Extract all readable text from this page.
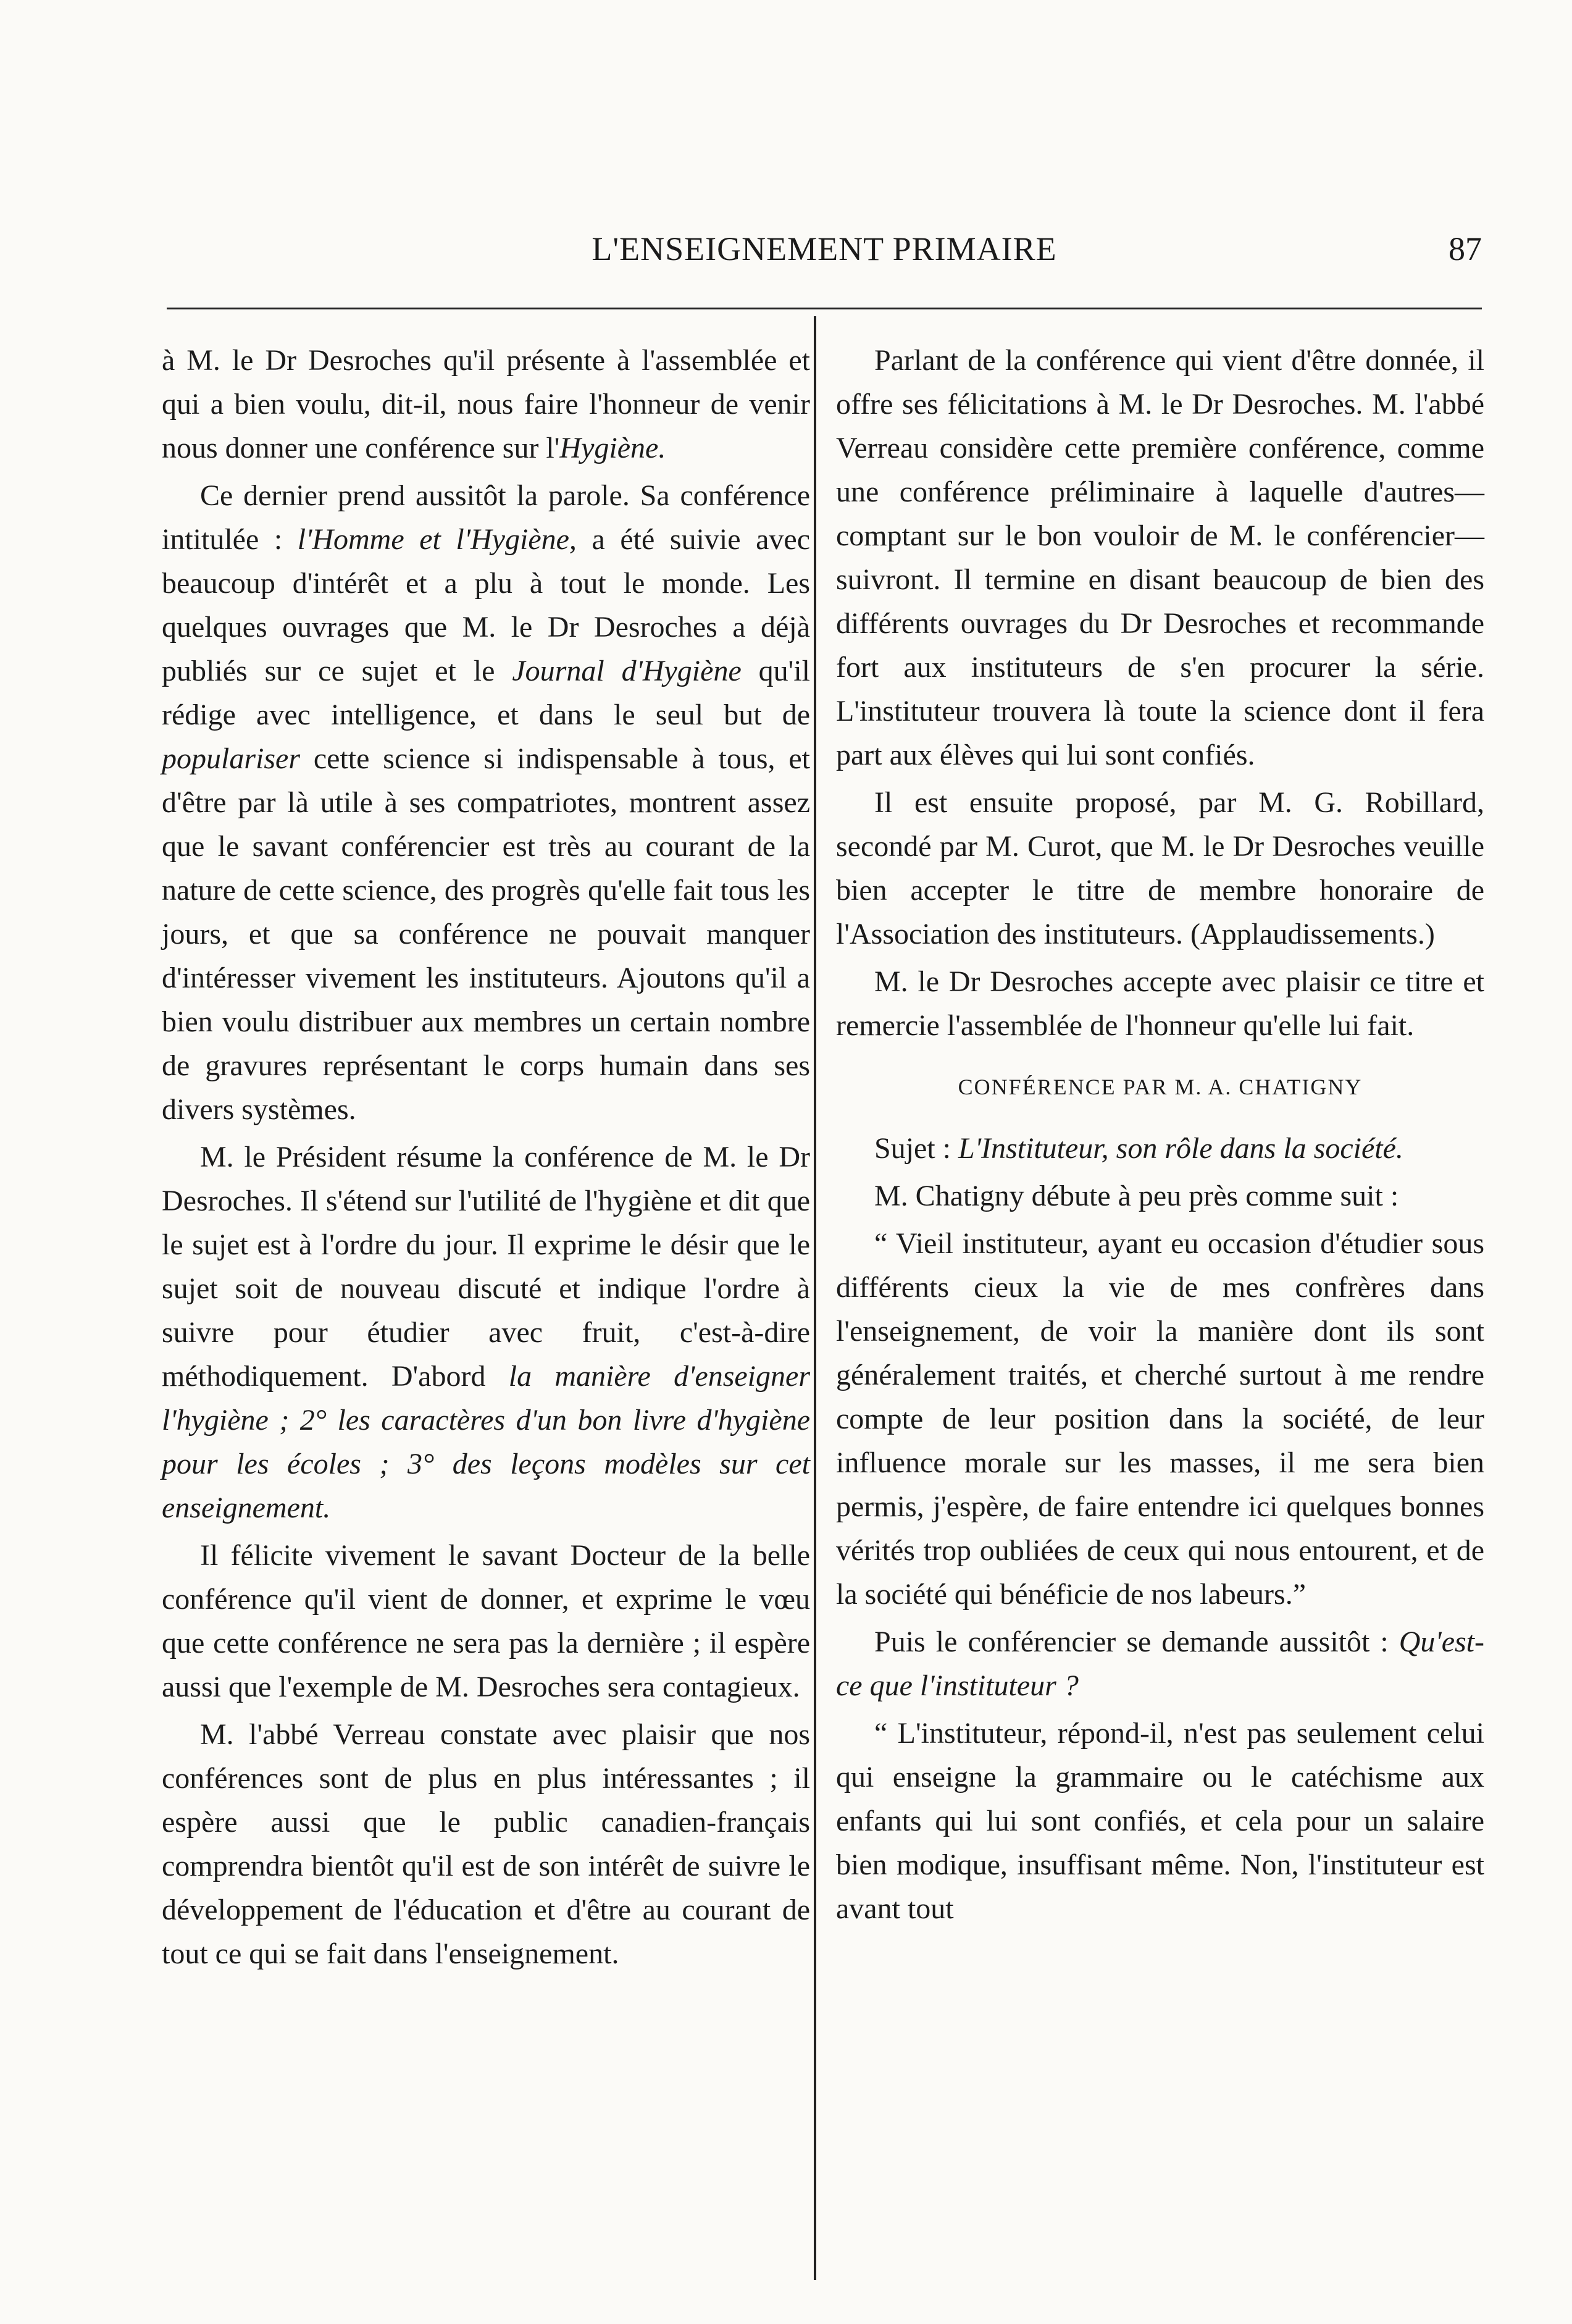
L'ENSEIGNEMENT PRIMAIRE	87

à M. le Dr Desroches qu'il présente à l'assemblée et qui a bien voulu, dit-il, nous faire l'honneur de venir nous donner une conférence sur l'Hygiène.

Ce dernier prend aussitôt la parole. Sa conférence intitulée : l'Homme et l'Hygiène, a été suivie avec beaucoup d'intérêt et a plu à tout le monde. Les quelques ouvrages que M. le Dr Desroches a déjà publiés sur ce sujet et le Journal d'Hygiène qu'il rédige avec intelligence, et dans le seul but de populariser cette science si indispensable à tous, et d'être par là utile à ses compatriotes, montrent assez que le savant conférencier est très au courant de la nature de cette science, des progrès qu'elle fait tous les jours, et que sa conférence ne pouvait manquer d'intéresser vivement les instituteurs. Ajoutons qu'il a bien voulu distribuer aux membres un certain nombre de gravures représentant le corps humain dans ses divers systèmes.

M. le Président résume la conférence de M. le Dr Desroches. Il s'étend sur l'utilité de l'hygiène et dit que le sujet est à l'ordre du jour. Il exprime le désir que le sujet soit de nouveau discuté et indique l'ordre à suivre pour étudier avec fruit, c'est-à-dire méthodiquement. D'abord la manière d'enseigner l'hygiène ; 2° les caractères d'un bon livre d'hygiène pour les écoles ; 3° des leçons modèles sur cet enseignement.

Il félicite vivement le savant Docteur de la belle conférence qu'il vient de donner, et exprime le vœu que cette conférence ne sera pas la dernière ; il espère aussi que l'exemple de M. Desroches sera contagieux.

M. l'abbé Verreau constate avec plaisir que nos conférences sont de plus en plus intéressantes ; il espère aussi que le public canadien-français comprendra bientôt qu'il est de son intérêt de suivre le développement de l'éducation et d'être au courant de tout ce qui se fait dans l'enseignement.

Parlant de la conférence qui vient d'être donnée, il offre ses félicitations à M. le Dr Desroches. M. l'abbé Verreau considère cette première conférence, comme une conférence préliminaire à laquelle d'autres—comptant sur le bon vouloir de M. le conférencier—suivront. Il termine en disant beaucoup de bien des différents ouvrages du Dr Desroches et recommande fort aux instituteurs de s'en procurer la série. L'instituteur trouvera là toute la science dont il fera part aux élèves qui lui sont confiés.

Il est ensuite proposé, par M. G. Robillard, secondé par M. Curot, que M. le Dr Desroches veuille bien accepter le titre de membre honoraire de l'Association des instituteurs. (Applaudissements.)

M. le Dr Desroches accepte avec plaisir ce titre et remercie l'assemblée de l'honneur qu'elle lui fait.

CONFÉRENCE PAR M. A. CHATIGNY

Sujet : L'Instituteur, son rôle dans la société.

M. Chatigny débute à peu près comme suit :

“ Vieil instituteur, ayant eu occasion d'étudier sous différents cieux la vie de mes confrères dans l'enseignement, de voir la manière dont ils sont généralement traités, et cherché surtout à me rendre compte de leur position dans la société, de leur influence morale sur les masses, il me sera bien permis, j'espère, de faire entendre ici quelques bonnes vérités trop oubliées de ceux qui nous entourent, et de la société qui bénéficie de nos labeurs.”

Puis le conférencier se demande aussitôt : Qu'est-ce que l'instituteur ?

“ L'instituteur, répond-il, n'est pas seulement celui qui enseigne la grammaire ou le catéchisme aux enfants qui lui sont confiés, et cela pour un salaire bien modique, insuffisant même. Non, l'instituteur est avant tout
